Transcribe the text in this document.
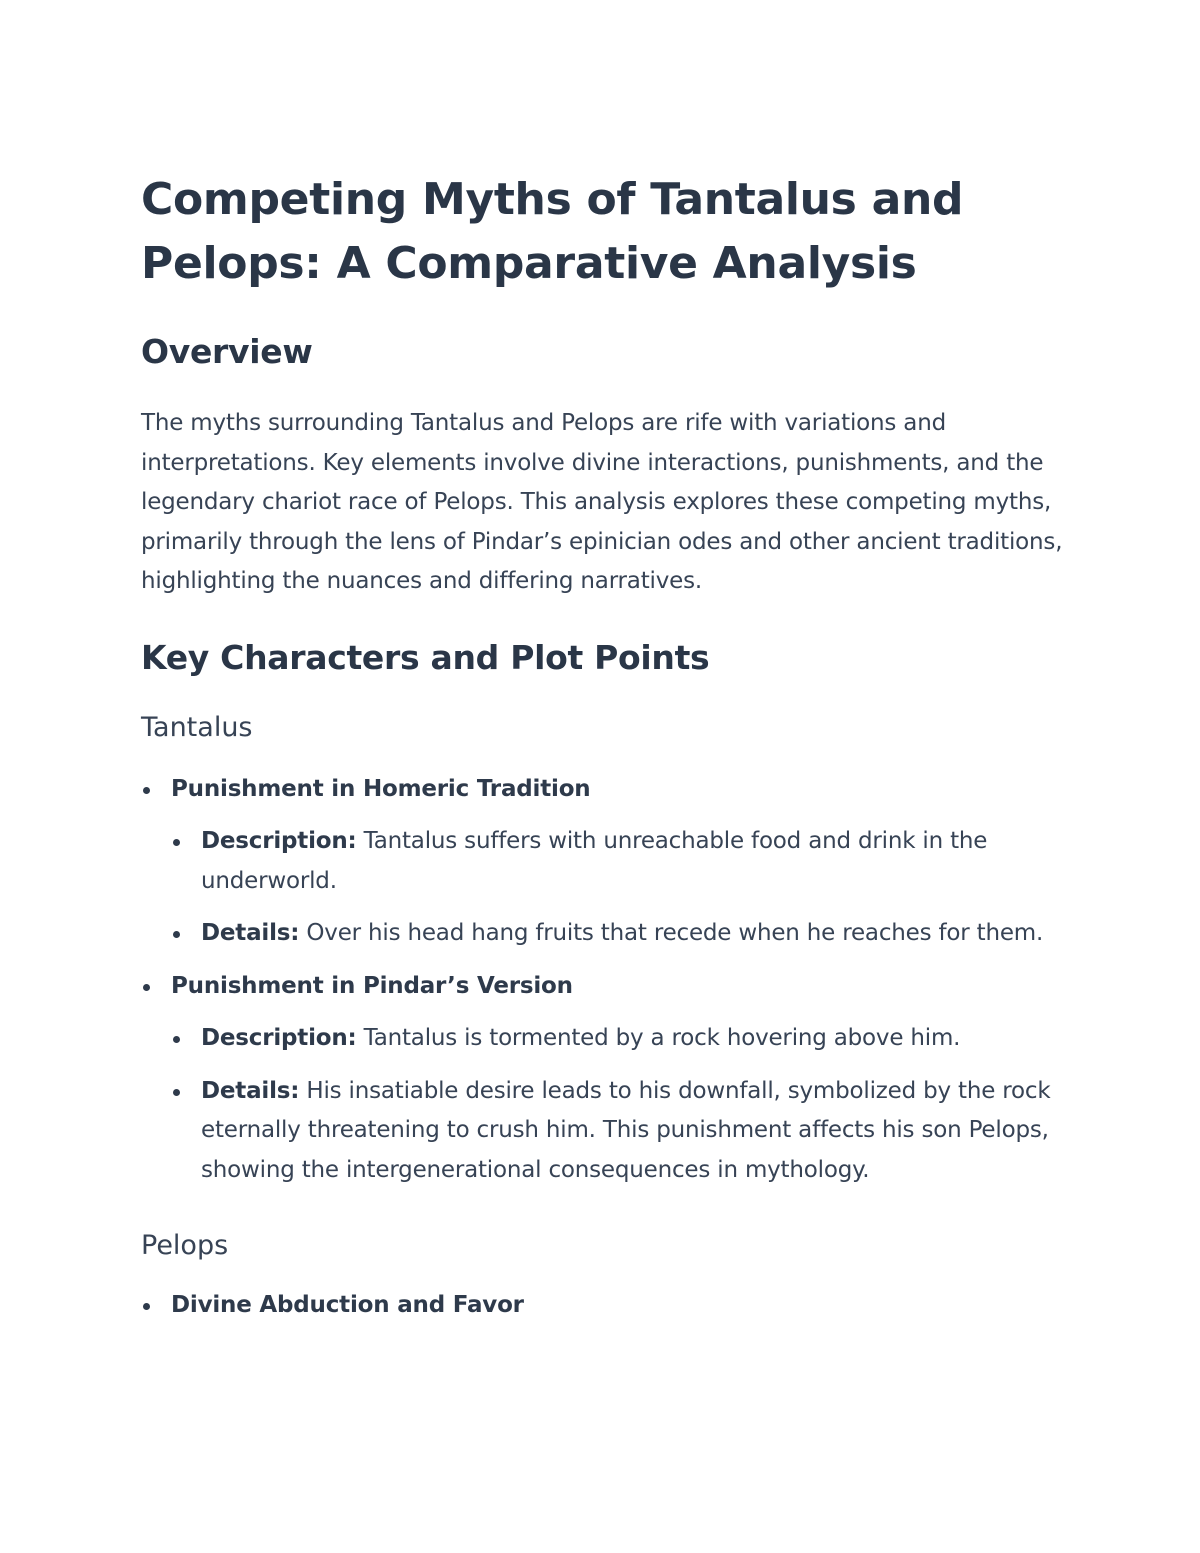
Competing Myths of Tantalus and Pelops: A Comparative Analysis
Overview

The myths surrounding Tantalus and Pelops are rife with variations and interpretations. Key elements involve divine interactions, punishments, and the legendary chariot race of Pelops. This analysis explores these competing myths, primarily through the lens of Pindar’s epinician odes and other ancient traditions, highlighting the nuances and differing narratives.

Key Characters and Plot Points
Tantalus
Punishment in Homeric Tradition
Description: Tantalus suffers with unreachable food and drink in the underworld.
Details: Over his head hang fruits that recede when he reaches for them.
Punishment in Pindar’s Version
Description: Tantalus is tormented by a rock hovering above him.
Details: His insatiable desire leads to his downfall, symbolized by the rock eternally threatening to crush him. This punishment affects his son Pelops, showing the intergenerational consequences in mythology.
Pelops
Divine Abduction and Favor
